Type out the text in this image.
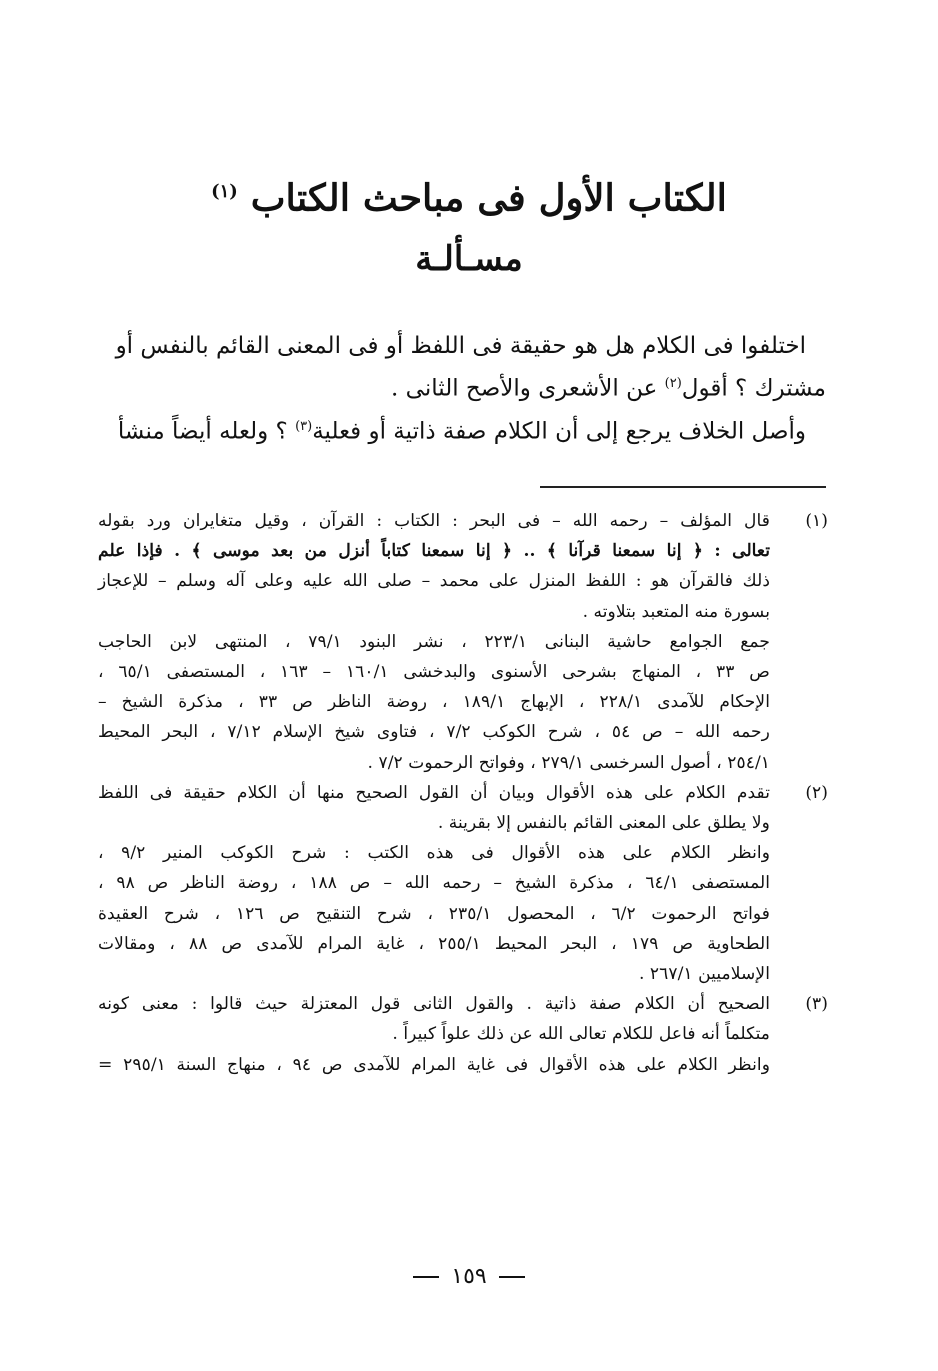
الكتاب الأول فى مباحث الكتاب $^{(١)}$
مسـألـة
اختلفوا فى الكلام هل هو حقيقة فى اللفظ أو فى المعنى القائم بالنفس أو
مشترك ؟ أقول$^{(٢)}$ عن الأشعرى والأصح الثانى .
وأصل الخلاف يرجع إلى أن الكلام صفة ذاتية أو فعلية$^{(٣)}$ ؟ ولعله أيضاً منشأ
(١)
قال المؤلف – رحمه الله – فى البحر : الكتاب : القرآن ، وقيل متغايران ورد بقوله
تعالى : ﴿ إنا سمعنا قرآنا ﴾ .. ﴿ إنا سمعنا كتاباً أنزل من بعد موسى ﴾ . فإذا علم
ذلك فالقرآن هو : اللفظ المنزل على محمد – صلى الله عليه وعلى آله وسلم – للإعجاز
بسورة منه المتعبد بتلاوته .
جمع الجوامع حاشية البنانى ٢٢٣/١ ، نشر البنود ٧٩/١ ، المنتهى لابن الحاجب
ص ٣٣ ، المنهاج بشرحى الأسنوى والبدخشى ١٦٠/١ – ١٦٣ ، المستصفى ٦٥/١ ،
الإحكام للآمدى ٢٢٨/١ ، الإبهاج ١٨٩/١ ، روضة الناظر ص ٣٣ ، مذكرة الشيخ –
رحمه الله – ص ٥٤ ، شرح الكوكب ٧/٢ ، فتاوى شيخ الإسلام ٧/١٢ ، البحر المحيط
٢٥٤/١ ، أصول السرخسى ٢٧٩/١ ، وفواتح الرحموت ٧/٢ .
(٢)
تقدم الكلام على هذه الأقوال وبيان أن القول الصحيح منها أن الكلام حقيقة فى اللفظ
ولا يطلق على المعنى القائم بالنفس إلا بقرينة .
وانظر الكلام على هذه الأقوال فى هذه الكتب : شرح الكوكب المنير ٩/٢ ،
المستصفى ٦٤/١ ، مذكرة الشيخ – رحمه الله – ص ١٨٨ ، روضة الناظر ص ٩٨ ،
فواتح الرحموت ٦/٢ ، المحصول ٢٣٥/١ ، شرح التنقيح ص ١٢٦ ، شرح العقيدة
الطحاوية ص ١٧٩ ، البحر المحيط ٢٥٥/١ ، غاية المرام للآمدى ص ٨٨ ، ومقالات
الإسلاميين ٢٦٧/١ .
(٣)
الصحيح أن الكلام صفة ذاتية . والقول الثانى قول المعتزلة حيث قالوا : معنى كونه
متكلماً أنه فاعل للكلام تعالى الله عن ذلك علواً كبيراً .
وانظر الكلام على هذه الأقوال فى غاية المرام للآمدى ص ٩٤ ، منهاج السنة ٢٩٥/١ =
١٥٩
